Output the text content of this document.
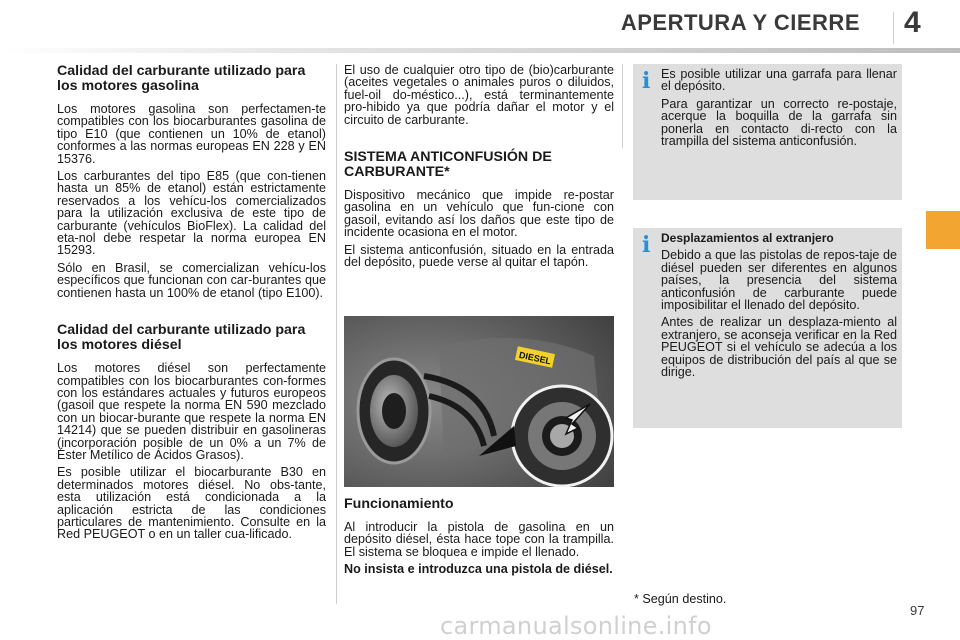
APERTURA Y CIERRE 4
Calidad del carburante utilizado para los motores gasolina

Los motores gasolina son perfectamen-te compatibles con los biocarburantes gasolina de tipo E10 (que contienen un 10% de etanol) conformes a las normas europeas EN 228 y EN 15376.

Los carburantes del tipo E85 (que con-tienen hasta un 85% de etanol) están estrictamente reservados a los vehícu-los comercializados para la utilización exclusiva de este tipo de carburante (vehículos BioFlex). La calidad del eta-nol debe respetar la norma europea EN 15293.

Sólo en Brasil, se comercializan vehícu-los específicos que funcionan con car-burantes que contienen hasta un 100% de etanol (tipo E100).

Calidad del carburante utilizado para los motores diésel

Los motores diésel son perfectamente compatibles con los biocarburantes con-formes con los estándares actuales y futuros europeos (gasoil que respete la norma EN 590 mezclado con un biocar-burante que respete la norma EN 14214) que se pueden distribuir en gasolineras (incorporación posible de un 0% a un 7% de Éster Metílico de Ácidos Grasos).

Es posible utilizar el biocarburante B30 en determinados motores diésel. No obs-tante, esta utilización está condicionada a la aplicación estricta de las condiciones particulares de mantenimiento. Consulte en la Red PEUGEOT o en un taller cua-lificado.

El uso de cualquier otro tipo de (bio)carburante (aceites vegetales o animales puros o diluidos, fuel-oil do-méstico...), está terminantemente pro-hibido ya que podría dañar el motor y el circuito de carburante.

SISTEMA ANTICONFUSIÓN DE CARBURANTE*

Dispositivo mecánico que impide re-postar gasolina en un vehículo que fun-cione con gasoil, evitando así los daños que este tipo de incidente ocasiona en el motor.

El sistema anticonfusión, situado en la entrada del depósito, puede verse al quitar el tapón.

DIESEL
Funcionamiento

Al introducir la pistola de gasolina en un depósito diésel, ésta hace tope con la trampilla. El sistema se bloquea e impide el llenado.

No insista e introduzca una pistola de diésel.

i Es posible utilizar una garrafa para llenar el depósito.

Para garantizar un correcto re-postaje, acerque la boquilla de la garrafa sin ponerla en contacto di-recto con la trampilla del sistema anticonfusión.

i Desplazamientos al extranjero

Debido a que las pistolas de repos-taje de diésel pueden ser diferentes en algunos países, la presencia del sistema anticonfusión de carburante puede imposibilitar el llenado del depósito.

Antes de realizar un desplaza-miento al extranjero, se aconseja verificar en la Red PEUGEOT si el vehículo se adecúa a los equipos de distribución del país al que se dirige.

* Según destino.
97
carmanualsonline.info
